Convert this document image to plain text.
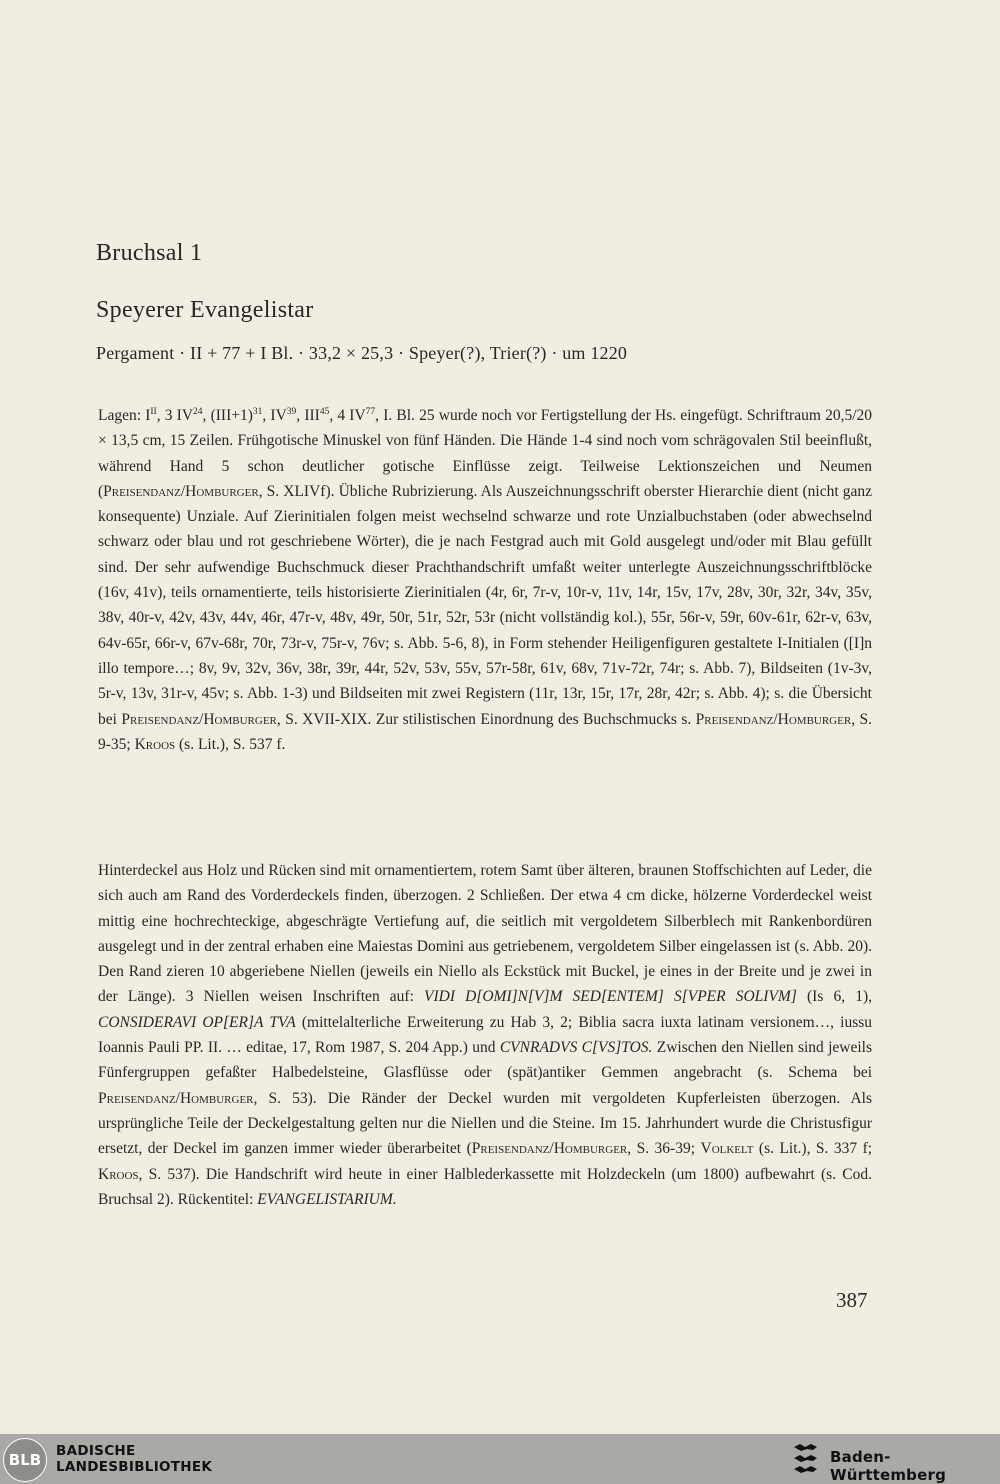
Bruchsal 1
Speyerer Evangelistar
Pergament · II + 77 + I Bl. · 33,2 × 25,3 · Speyer(?), Trier(?) · um 1220
Lagen: $I^{II}$, 3 IV$^{24}$, $(III+1)^{31}$, IV$^{39}$, III$^{45}$, 4 IV$^{77}$, I. Bl. 25 wurde noch vor Fertigstellung der Hs. eingefügt. Schriftraum 20,5/20 × 13,5 cm, 15 Zeilen. Frühgotische Minuskel von fünf Händen. Die Hände 1-4 sind noch vom schrägovalen Stil beeinflußt, während Hand 5 schon deutlicher gotische Einflüsse zeigt. Teilweise Lektionszeichen und Neumen (Preisendanz/Homburger, S. XLIVf). Übliche Rubrizierung. Als Auszeichnungsschrift oberster Hierarchie dient (nicht ganz konsequente) Unziale. Auf Zierinitialen folgen meist wechselnd schwarze und rote Unzialbuchstaben (oder abwechselnd schwarz oder blau und rot geschriebene Wörter), die je nach Festgrad auch mit Gold ausgelegt und/oder mit Blau gefüllt sind. Der sehr aufwendige Buchschmuck dieser Prachthandschrift umfaßt weiter unterlegte Auszeichnungsschriftblöcke (16v, 41v), teils ornamentierte, teils historisierte Zierinitialen (4r, 6r, 7r-v, 10r-v, 11v, 14r, 15v, 17v, 28v, 30r, 32r, 34v, 35v, 38v, 40r-v, 42v, 43v, 44v, 46r, 47r-v, 48v, 49r, 50r, 51r, 52r, 53r (nicht vollständig kol.), 55r, 56r-v, 59r, 60v-61r, 62r-v, 63v, 64v-65r, 66r-v, 67v-68r, 70r, 73r-v, 75r-v, 76v; s. Abb. 5-6, 8), in Form stehender Heiligenfiguren gestaltete I-Initialen ([I]n illo tempore…; 8v, 9v, 32v, 36v, 38r, 39r, 44r, 52v, 53v, 55v, 57r-58r, 61v, 68v, 71v-72r, 74r; s. Abb. 7), Bildseiten (1v-3v, 5r-v, 13v, 31r-v, 45v; s. Abb. 1-3) und Bildseiten mit zwei Registern (11r, 13r, 15r, 17r, 28r, 42r; s. Abb. 4); s. die Übersicht bei Preisendanz/Homburger, S. XVII-XIX. Zur stilistischen Einordnung des Buchschmucks s. Preisendanz/Homburger, S. 9-35; Kroos (s. Lit.), S. 537 f.
Hinterdeckel aus Holz und Rücken sind mit ornamentiertem, rotem Samt über älteren, braunen Stoffschichten auf Leder, die sich auch am Rand des Vorderdeckels finden, überzogen. 2 Schließen. Der etwa 4 cm dicke, hölzerne Vorderdeckel weist mittig eine hochrechteckige, abgeschrägte Vertiefung auf, die seitlich mit vergoldetem Silberblech mit Rankenbordüren ausgelegt und in der zentral erhaben eine Maiestas Domini aus getriebenem, vergoldetem Silber eingelassen ist (s. Abb. 20). Den Rand zieren 10 abgeriebene Niellen (jeweils ein Niello als Eckstück mit Buckel, je eines in der Breite und je zwei in der Länge). 3 Niellen weisen Inschriften auf: VIDI D[OMI]N[V]M SED[ENTEM] S[VPER SOLIVM] (Is 6, 1), CONSIDERAVI OP[ER]A TVA (mittelalterliche Erweiterung zu Hab 3, 2; Biblia sacra iuxta latinam versionem…, iussu Ioannis Pauli PP. II. … editae, 17, Rom 1987, S. 204 App.) und CVNRADVS C[VS]TOS. Zwischen den Niellen sind jeweils Fünfergruppen gefaßter Halbedelsteine, Glasflüsse oder (spät)antiker Gemmen angebracht (s. Schema bei Preisendanz/Homburger, S. 53). Die Ränder der Deckel wurden mit vergoldeten Kupferleisten überzogen. Als ursprüngliche Teile der Deckelgestaltung gelten nur die Niellen und die Steine. Im 15. Jahrhundert wurde die Christusfigur ersetzt, der Deckel im ganzen immer wieder überarbeitet (Preisendanz/Homburger, S. 36-39; Volkelt (s. Lit.), S. 337 f; Kroos, S. 537). Die Handschrift wird heute in einer Halblederkassette mit Holzdeckeln (um 1800) aufbewahrt (s. Cod. Bruchsal 2). Rückentitel: EVANGELISTARIUM.
387
BLB	BADISCHE
LANDESBIBLIOTHEK
Baden-Württemberg
